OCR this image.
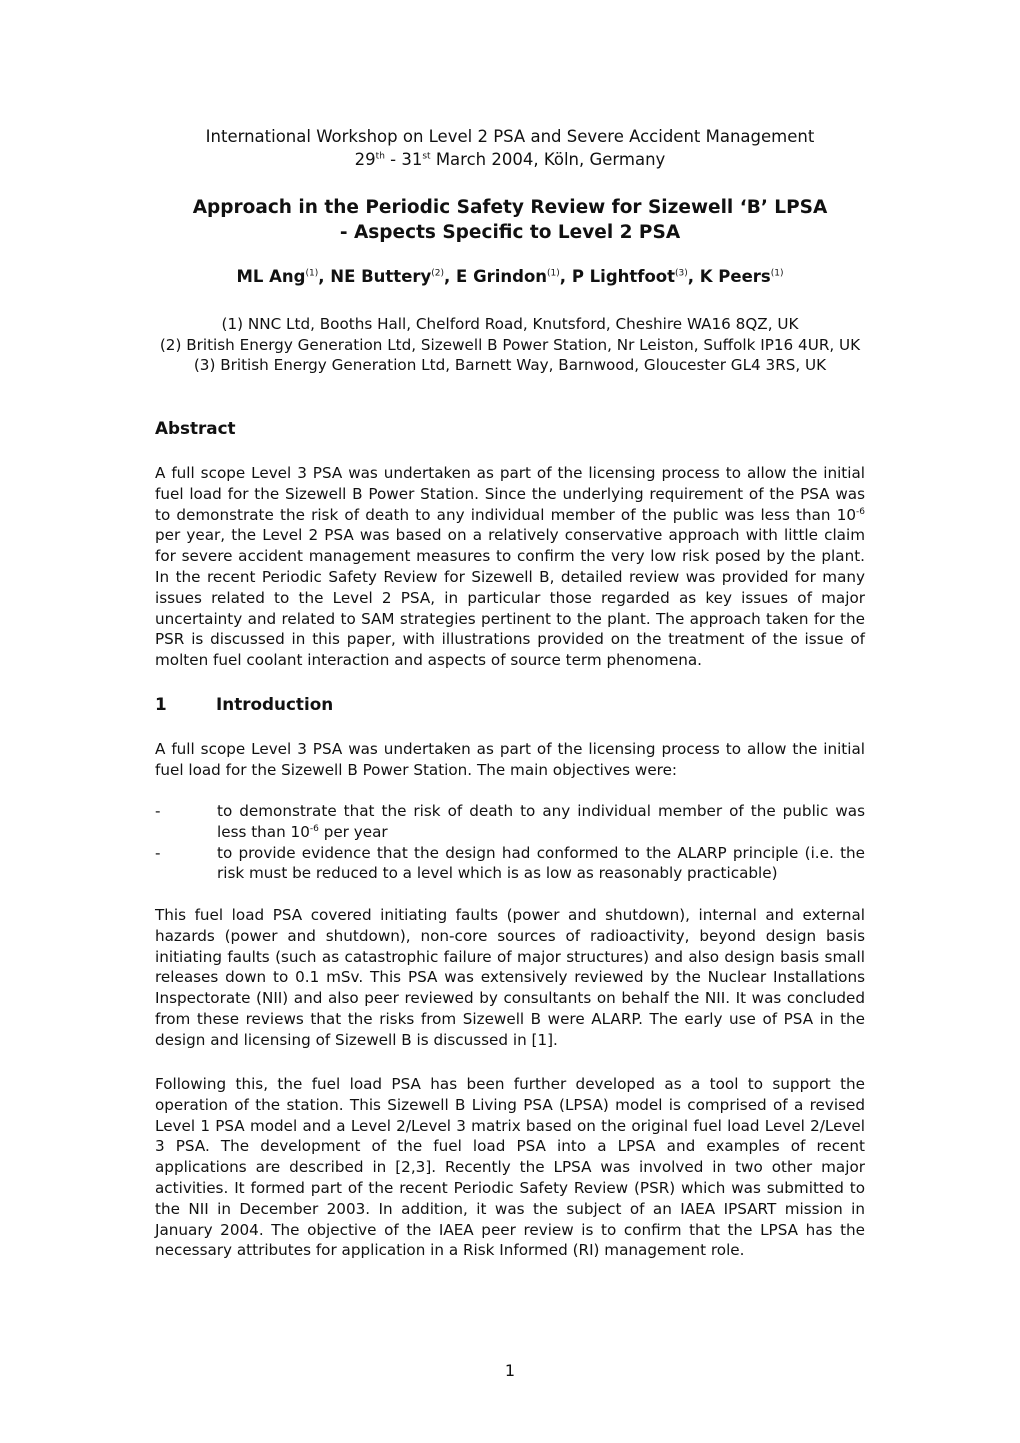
International Workshop on Level 2 PSA and Severe Accident Management
29th - 31st March 2004, Köln, Germany
Approach in the Periodic Safety Review for Sizewell ‘B’ LPSA
- Aspects Specific to Level 2 PSA
ML Ang$^{(1)}$, NE Buttery$^{(2)}$, E Grindon$^{(1)}$, P Lightfoot$^{(3)}$, K Peers$^{(1)}$
(1) NNC Ltd, Booths Hall, Chelford Road, Knutsford, Cheshire WA16 8QZ, UK
(2) British Energy Generation Ltd, Sizewell B Power Station, Nr Leiston, Suffolk IP16 4UR, UK
(3) British Energy Generation Ltd, Barnett Way, Barnwood, Gloucester GL4 3RS, UK
Abstract

A full scope Level 3 PSA was undertaken as part of the licensing process to allow the initial fuel load for the Sizewell B Power Station. Since the underlying requirement of the PSA was to demonstrate the risk of death to any individual member of the public was less than $10^{-6}$ per year, the Level 2 PSA was based on a relatively conservative approach with little claim for severe accident management measures to confirm the very low risk posed by the plant. In the recent Periodic Safety Review for Sizewell B, detailed review was provided for many issues related to the Level 2 PSA, in particular those regarded as key issues of major uncertainty and related to SAM strategies pertinent to the plant. The approach taken for the PSR is discussed in this paper, with illustrations provided on the treatment of the issue of molten fuel coolant interaction and aspects of source term phenomena.

1	Introduction

A full scope Level 3 PSA was undertaken as part of the licensing process to allow the initial fuel load for the Sizewell B Power Station. The main objectives were:

-	to demonstrate that the risk of death to any individual member of the public was less than $10^{-6}$ per year
-	to provide evidence that the design had conformed to the ALARP principle (i.e. the risk must be reduced to a level which is as low as reasonably practicable)

This fuel load PSA covered initiating faults (power and shutdown), internal and external hazards (power and shutdown), non-core sources of radioactivity, beyond design basis initiating faults (such as catastrophic failure of major structures) and also design basis small releases down to 0.1 mSv. This PSA was extensively reviewed by the Nuclear Installations Inspectorate (NII) and also peer reviewed by consultants on behalf the NII. It was concluded from these reviews that the risks from Sizewell B were ALARP. The early use of PSA in the design and licensing of Sizewell B is discussed in [1].

Following this, the fuel load PSA has been further developed as a tool to support the operation of the station. This Sizewell B Living PSA (LPSA) model is comprised of a revised Level 1 PSA model and a Level 2/Level 3 matrix based on the original fuel load Level 2/Level 3 PSA. The development of the fuel load PSA into a LPSA and examples of recent applications are described in [2,3]. Recently the LPSA was involved in two other major activities. It formed part of the recent Periodic Safety Review (PSR) which was submitted to the NII in December 2003. In addition, it was the subject of an IAEA IPSART mission in January 2004. The objective of the IAEA peer review is to confirm that the LPSA has the necessary attributes for application in a Risk Informed (RI) management role.

1
